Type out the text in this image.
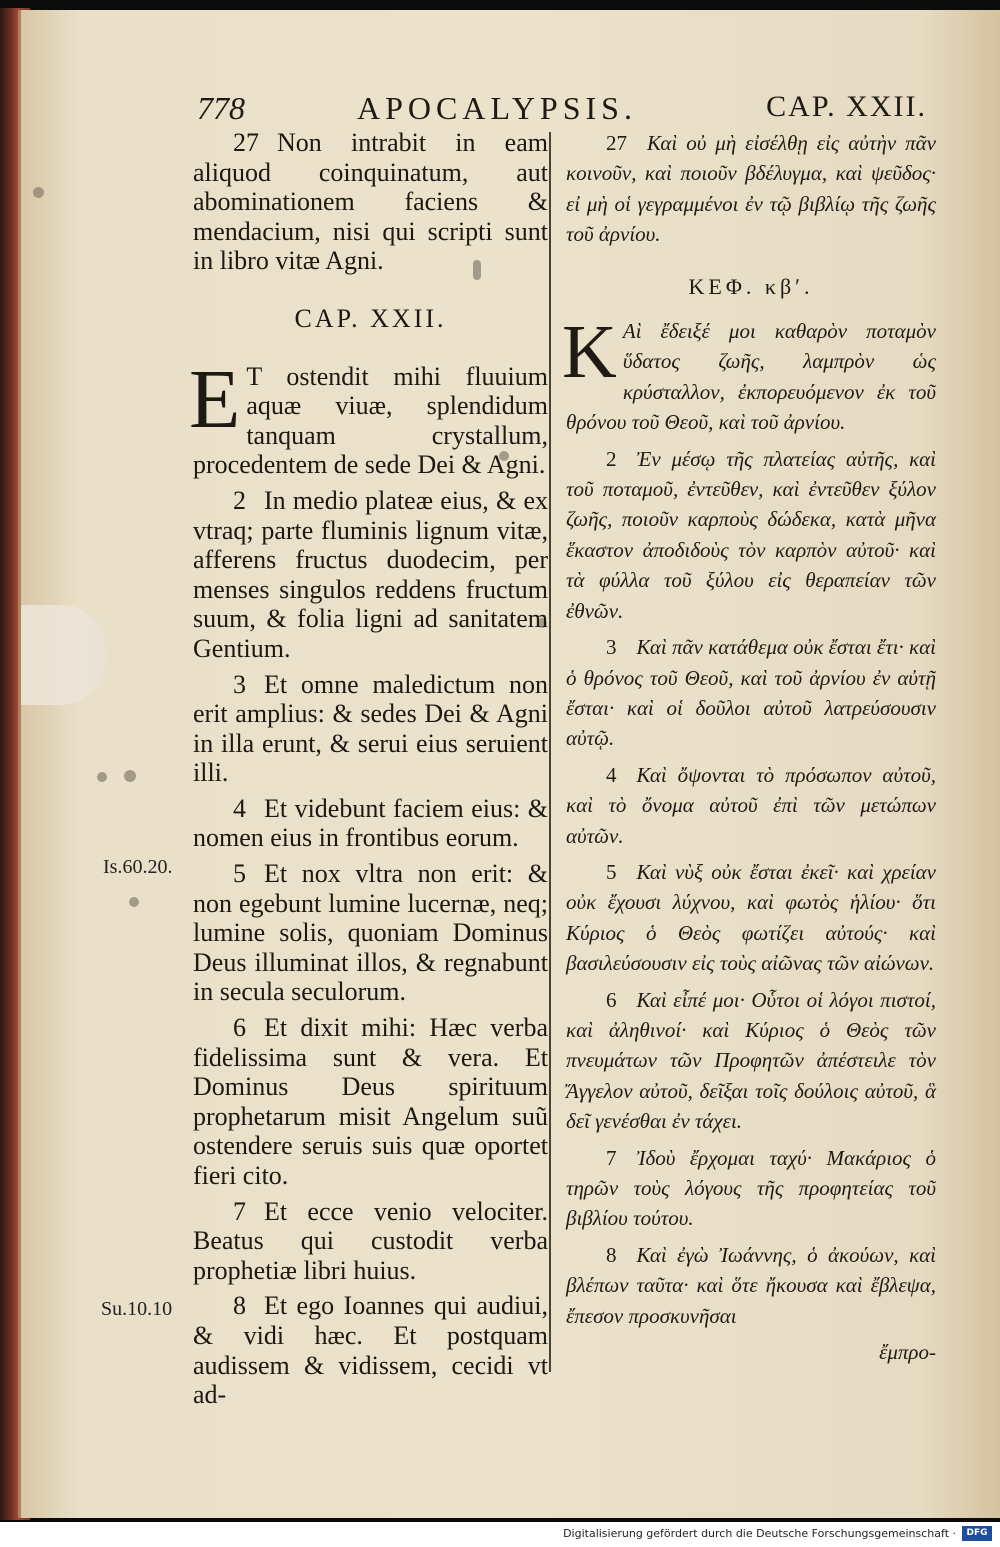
778	APOCALYPSIS.	CAP. XXII.
Is.60.20.
Su.10.10

27 Non intrabit in eam aliquod coinquinatum, aut abominationem faciens & mendacium, nisi qui scripti sunt in libro vitæ Agni.

CAP. XXII.

E T ostendit mihi fluuium aquæ viuæ, splendidum tanquam crystallum, procedentem de sede Dei & Agni.

2 In medio plateæ eius, & ex vtraq; parte fluminis lignum vitæ, afferens fructus duodecim, per menses singulos reddens fructum suum, & folia ligni ad sanitatem Gentium.

3 Et omne maledictum non erit amplius: & sedes Dei & Agni in illa erunt, & serui eius seruient illi.

4 Et videbunt faciem eius: & nomen eius in frontibus eorum.

5 Et nox vltra non erit: & non egebunt lumine lucernæ, neq; lumine solis, quoniam Dominus Deus illuminat illos, & regnabunt in secula seculorum.

6 Et dixit mihi: Hæc verba fidelissima sunt & vera. Et Dominus Deus spirituum prophetarum misit Angelum suũ ostendere seruis suis quæ oportet fieri cito.

7 Et ecce venio velociter. Beatus qui custodit verba prophetiæ libri huius.

8 Et ego Ioannes qui audiui, & vidi hæc. Et postquam audissem & vidissem, cecidi vt ad-

27 Καὶ οὐ μὴ εἰσέλθῃ εἰς αὐτὴν πᾶν κοινοῦν, καὶ ποιοῦν βδέλυγμα, καὶ ψεῦδος· εἰ μὴ οἱ γεγραμμένοι ἐν τῷ βιβλίῳ τῆς ζωῆς τοῦ ἀρνίου.

ΚΕΦ. κβʹ.

Κ Αὶ ἔδειξέ μοι καθαρὸν ποταμὸν ὕδατος ζωῆς, λαμπρὸν ὡς κρύσταλλον, ἐκπορευόμενον ἐκ τοῦ θρόνου τοῦ Θεοῦ, καὶ τοῦ ἀρνίου.

2 Ἐν μέσῳ τῆς πλατείας αὐτῆς, καὶ τοῦ ποταμοῦ, ἐντεῦθεν, καὶ ἐντεῦθεν ξύλον ζωῆς, ποιοῦν καρποὺς δώδεκα, κατὰ μῆνα ἕκαστον ἀποδιδοὺς τὸν καρπὸν αὐτοῦ· καὶ τὰ φύλλα τοῦ ξύλου εἰς θεραπείαν τῶν ἐθνῶν.

3 Καὶ πᾶν κατάθεμα οὐκ ἔσται ἔτι· καὶ ὁ θρόνος τοῦ Θεοῦ, καὶ τοῦ ἀρνίου ἐν αὐτῇ ἔσται· καὶ οἱ δοῦλοι αὐτοῦ λατρεύσουσιν αὐτῷ.

4 Καὶ ὄψονται τὸ πρόσωπον αὐτοῦ, καὶ τὸ ὄνομα αὐτοῦ ἐπὶ τῶν μετώπων αὐτῶν.

5 Καὶ νὺξ οὐκ ἔσται ἐκεῖ· καὶ χρείαν οὐκ ἔχουσι λύχνου, καὶ φωτὸς ἡλίου· ὅτι Κύριος ὁ Θεὸς φωτίζει αὐτούς· καὶ βασιλεύσουσιν εἰς τοὺς αἰῶνας τῶν αἰώνων.

6 Καὶ εἶπέ μοι· Οὗτοι οἱ λόγοι πιστοί, καὶ ἀληθινοί· καὶ Κύριος ὁ Θεὸς τῶν πνευμάτων τῶν Προφητῶν ἀπέστειλε τὸν Ἄγγελον αὐτοῦ, δεῖξαι τοῖς δούλοις αὐτοῦ, ἃ δεῖ γενέσθαι ἐν τάχει.

7 Ἰδοὺ ἔρχομαι ταχύ· Μακάριος ὁ τηρῶν τοὺς λόγους τῆς προφητείας τοῦ βιβλίου τούτου.

8 Καὶ ἐγὼ Ἰωάννης, ὁ ἀκούων, καὶ βλέπων ταῦτα· καὶ ὅτε ἤκουσα καὶ ἔβλεψα, ἔπεσον προσκυνῆσαι

ἔμπρο-
Digitalisierung gefördert durch die Deutsche Forschungsgemeinschaft ·	DFG
